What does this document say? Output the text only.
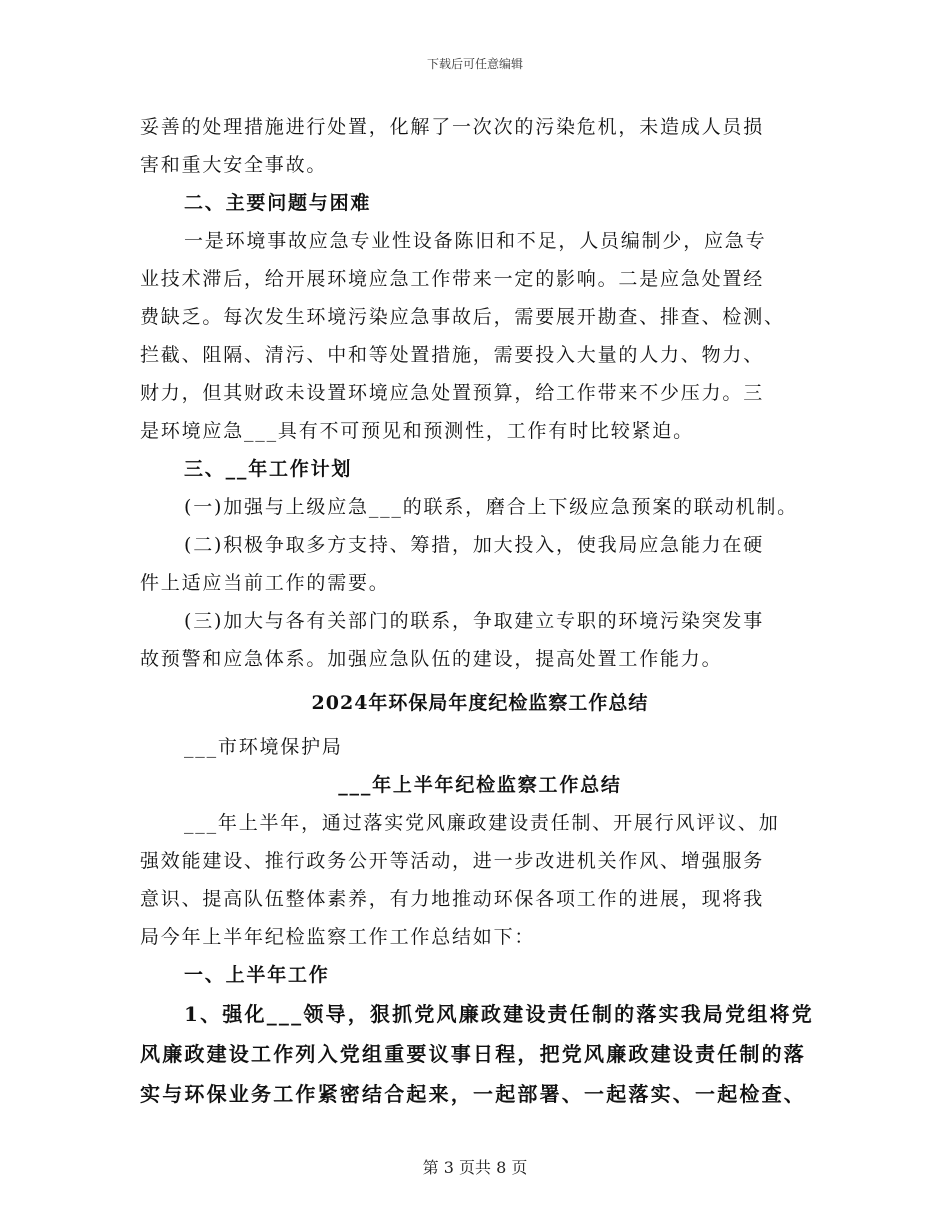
下载后可任意编辑
妥善的处理措施进行处置，化解了一次次的污染危机，未造成人员损
害和重大安全事故。
二、主要问题与困难
一是环境事故应急专业性设备陈旧和不足，人员编制少，应急专
业技术滞后，给开展环境应急工作带来一定的影响。二是应急处置经
费缺乏。每次发生环境污染应急事故后，需要展开勘查、排查、检测、
拦截、阻隔、清污、中和等处置措施，需要投入大量的人力、物力、
财力，但其财政未设置环境应急处置预算，给工作带来不少压力。三
是环境应急___具有不可预见和预测性，工作有时比较紧迫。
三、__年工作计划
(一)加强与上级应急___的联系，磨合上下级应急预案的联动机制。
(二)积极争取多方支持、筹措，加大投入，使我局应急能力在硬
件上适应当前工作的需要。
(三)加大与各有关部门的联系，争取建立专职的环境污染突发事
故预警和应急体系。加强应急队伍的建设，提高处置工作能力。
2024年环保局年度纪检监察工作总结
___市环境保护局
___年上半年纪检监察工作总结
___年上半年，通过落实党风廉政建设责任制、开展行风评议、加
强效能建设、推行政务公开等活动，进一步改进机关作风、增强服务
意识、提高队伍整体素养，有力地推动环保各项工作的进展，现将我
局今年上半年纪检监察工作工作总结如下：
一、上半年工作
1、强化___领导，狠抓党风廉政建设责任制的落实我局党组将党
风廉政建设工作列入党组重要议事日程，把党风廉政建设责任制的落
实与环保业务工作紧密结合起来，一起部署、一起落实、一起检查、
第 3 页共 8 页
